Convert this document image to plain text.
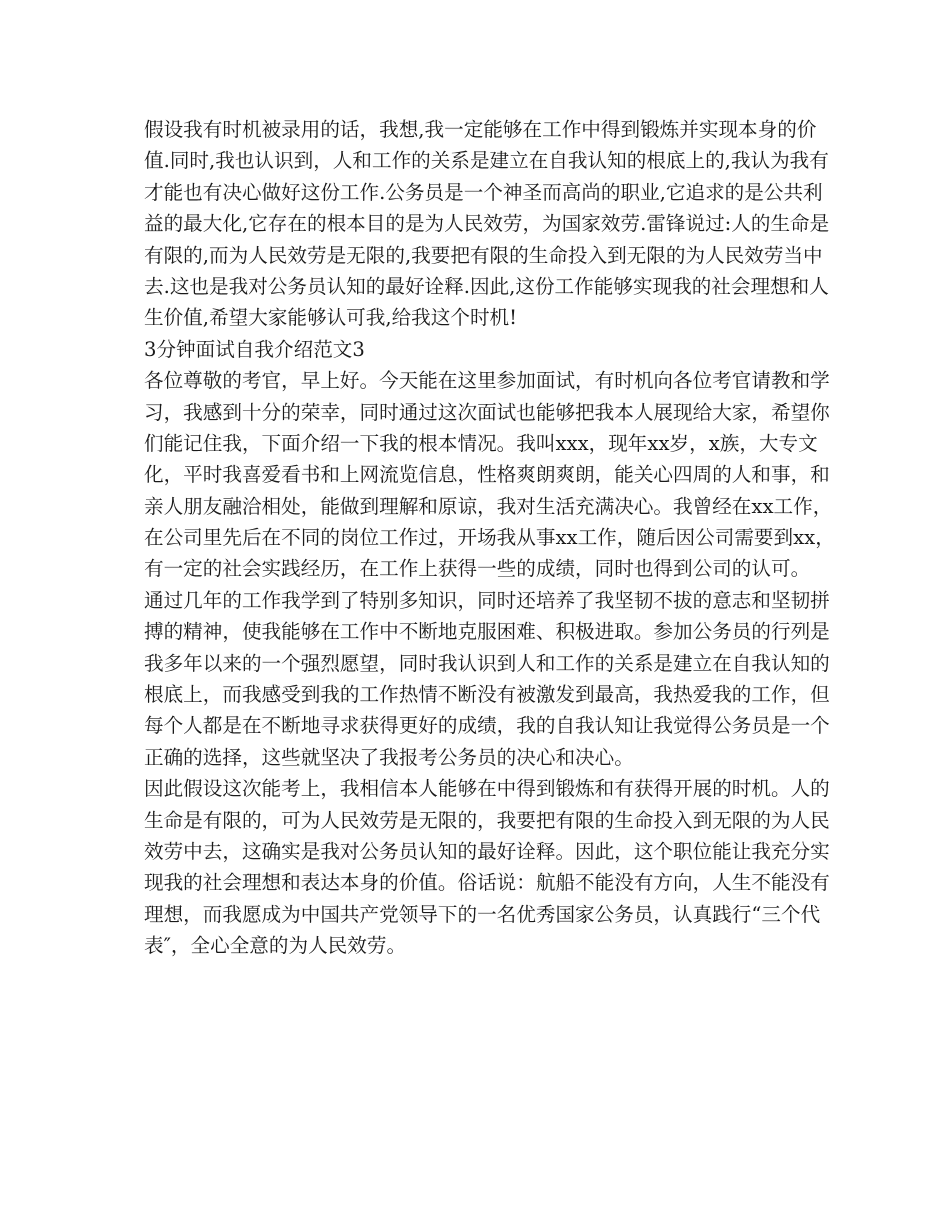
假设我有时机被录用的话，我想,我一定能够在工作中得到锻炼并实现本身的价
值.同时,我也认识到，人和工作的关系是建立在自我认知的根底上的,我认为我有
才能也有决心做好这份工作.公务员是一个神圣而高尚的职业,它追求的是公共利
益的最大化,它存在的根本目的是为人民效劳，为国家效劳.雷锋说过:人的生命是
有限的,而为人民效劳是无限的,我要把有限的生命投入到无限的为人民效劳当中
去.这也是我对公务员认知的最好诠释.因此,这份工作能够实现我的社会理想和人
生价值,希望大家能够认可我,给我这个时机!
3分钟面试自我介绍范文3
各位尊敬的考官，早上好。今天能在这里参加面试，有时机向各位考官请教和学
习，我感到十分的荣幸，同时通过这次面试也能够把我本人展现给大家，希望你
们能记住我，下面介绍一下我的根本情况。我叫xxx，现年xx岁，x族，大专文
化，平时我喜爱看书和上网流览信息，性格爽朗爽朗，能关心四周的人和事，和
亲人朋友融洽相处，能做到理解和原谅，我对生活充满决心。我曾经在xx工作，
在公司里先后在不同的岗位工作过，开场我从事xx工作，随后因公司需要到xx，
有一定的社会实践经历，在工作上获得一些的成绩，同时也得到公司的认可。
通过几年的工作我学到了特别多知识，同时还培养了我坚韧不拔的意志和坚韧拼
搏的精神，使我能够在工作中不断地克服困难、积极进取。参加公务员的行列是
我多年以来的一个强烈愿望，同时我认识到人和工作的关系是建立在自我认知的
根底上，而我感受到我的工作热情不断没有被激发到最高，我热爱我的工作，但
每个人都是在不断地寻求获得更好的成绩，我的自我认知让我觉得公务员是一个
正确的选择，这些就坚决了我报考公务员的决心和决心。
因此假设这次能考上，我相信本人能够在中得到锻炼和有获得开展的时机。人的
生命是有限的，可为人民效劳是无限的，我要把有限的生命投入到无限的为人民
效劳中去，这确实是我对公务员认知的最好诠释。因此，这个职位能让我充分实
现我的社会理想和表达本身的价值。俗话说：航船不能没有方向，人生不能没有
理想，而我愿成为中国共产党领导下的一名优秀国家公务员，认真践行“三个代
表″，全心全意的为人民效劳。
